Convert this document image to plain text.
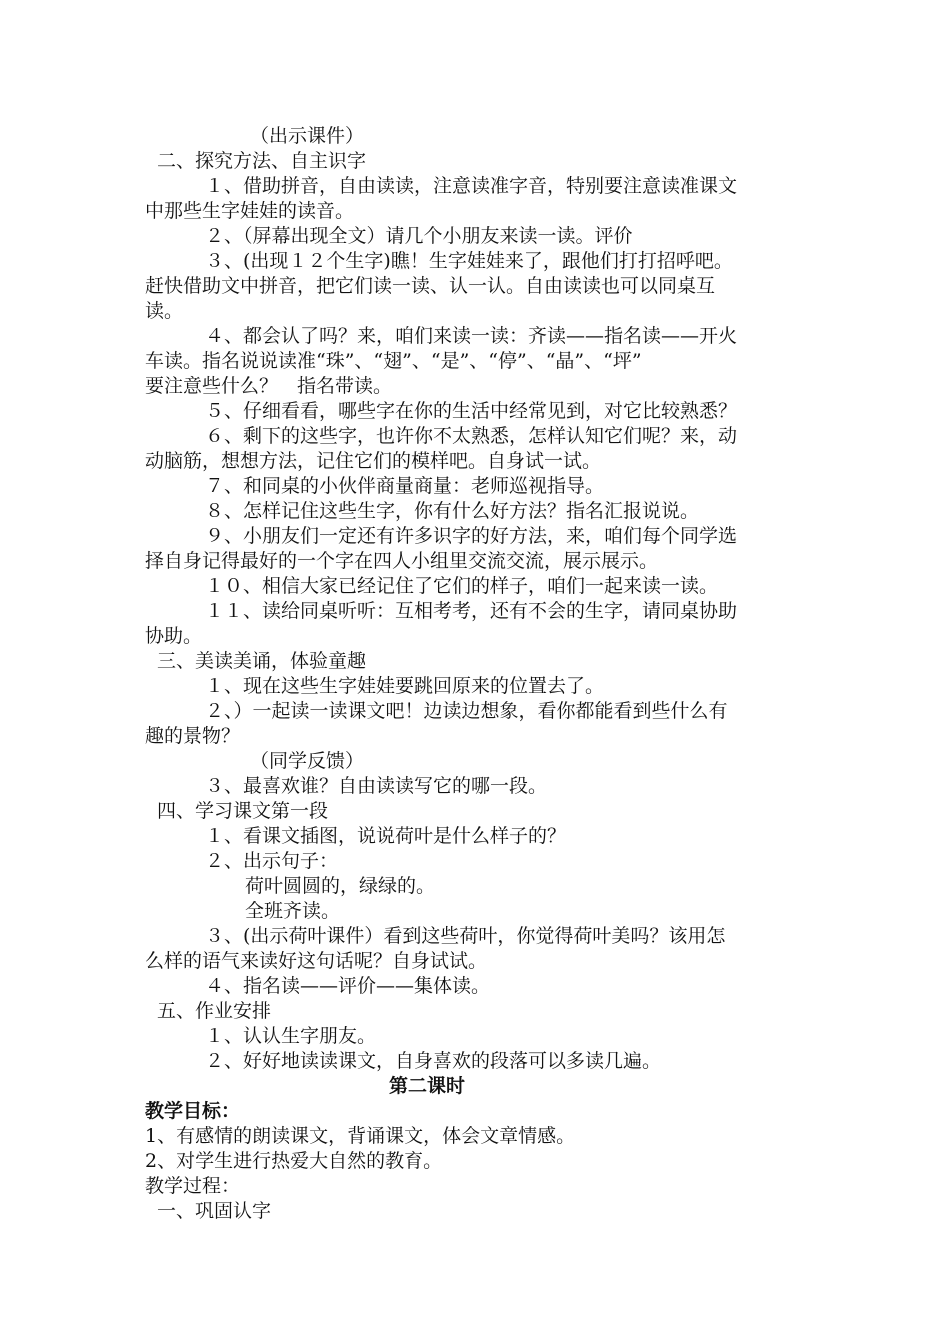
（出示课件）
二、探究方法、自主识字
１、借助拼音，自由读读，注意读准字音，特别要注意读准课文
中那些生字娃娃的读音。
２、（屏幕出现全文）请几个小朋友来读一读。评价
３、(出现１２个生字)瞧！生字娃娃来了，跟他们打打招呼吧。
赶快借助文中拼音，把它们读一读、认一认。自由读读也可以同桌互
读。
４、都会认了吗？来，咱们来读一读：齐读——指名读——开火
车读。指名说说读准“珠”、“翅”、“是”、“停”、“晶”、“坪”
要注意些什么？　指名带读。
５、仔细看看，哪些字在你的生活中经常见到，对它比较熟悉？
６、剩下的这些字，也许你不太熟悉，怎样认知它们呢？来，动
动脑筋，想想方法，记住它们的模样吧。自身试一试。
７、和同桌的小伙伴商量商量：老师巡视指导。
８、怎样记住这些生字，你有什么好方法？指名汇报说说。
９、小朋友们一定还有许多识字的好方法，来，咱们每个同学选
择自身记得最好的一个字在四人小组里交流交流，展示展示。
１０、相信大家已经记住了它们的样子，咱们一起来读一读。
１１、读给同桌听听：互相考考，还有不会的生字，请同桌协助
协助。
三、美读美诵，体验童趣
１、现在这些生字娃娃要跳回原来的位置去了。
２、）一起读一读课文吧！边读边想象，看你都能看到些什么有
趣的景物？
（同学反馈）
３、最喜欢谁？自由读读写它的哪一段。
四、学习课文第一段
１、看课文插图，说说荷叶是什么样子的？
２、出示句子：
荷叶圆圆的，绿绿的。
全班齐读。
３、(出示荷叶课件）看到这些荷叶，你觉得荷叶美吗？该用怎
么样的语气来读好这句话呢？自身试试。
４、指名读——评价——集体读。
五、作业安排
１、认认生字朋友。
２、好好地读读课文，自身喜欢的段落可以多读几遍。
第二课时
教学目标：
1、有感情的朗读课文，背诵课文，体会文章情感。
2、对学生进行热爱大自然的教育。
教学过程：
一、巩固认字
